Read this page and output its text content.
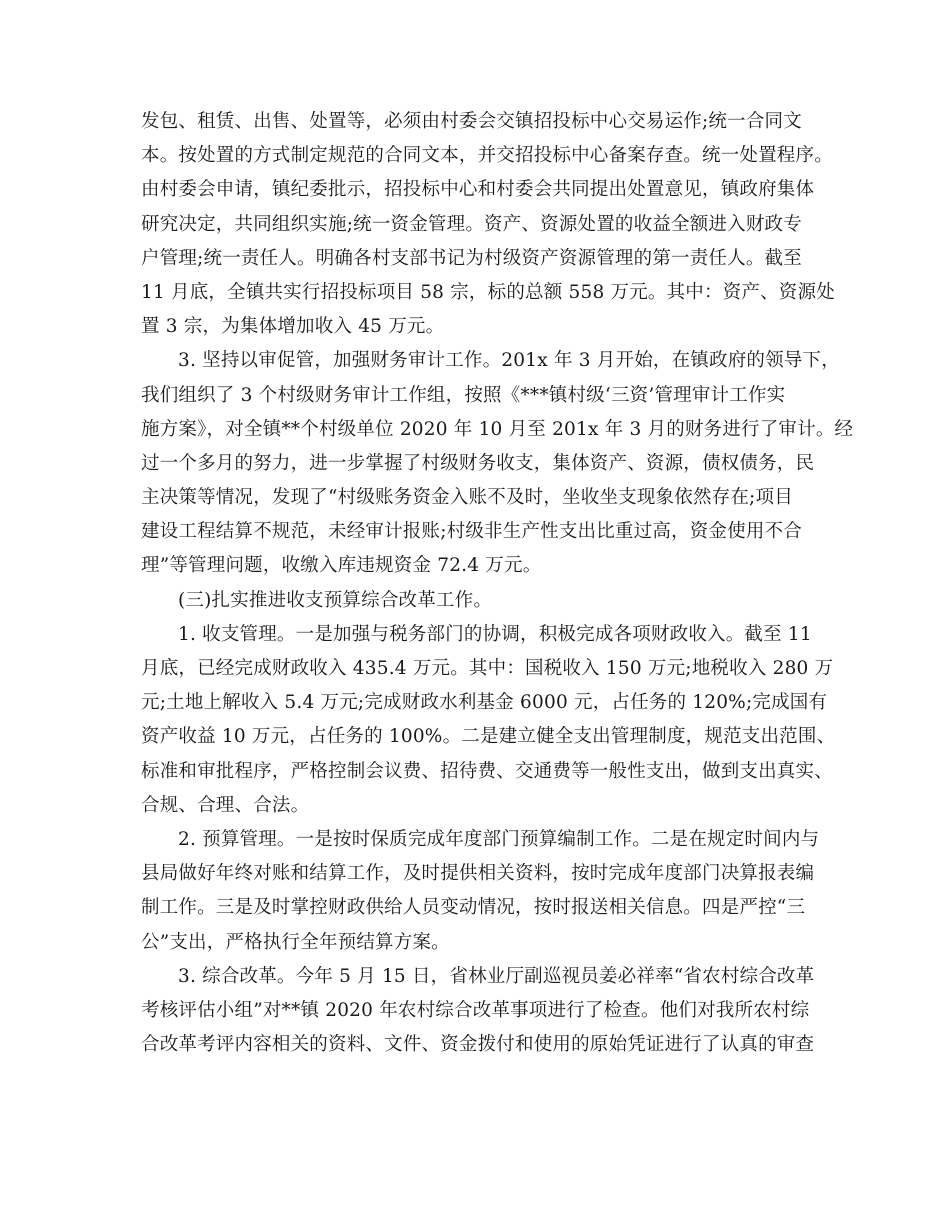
发包、租赁、出售、处置等，必须由村委会交镇招投标中心交易运作;统一合同文
本。按处置的方式制定规范的合同文本，并交招投标中心备案存查。统一处置程序。
由村委会申请，镇纪委批示，招投标中心和村委会共同提出处置意见，镇政府集体
研究决定，共同组织实施;统一资金管理。资产、资源处置的收益全额进入财政专
户管理;统一责任人。明确各村支部书记为村级资产资源管理的第一责任人。截至
11 月底，全镇共实行招投标项目 58 宗，标的总额 558 万元。其中：资产、资源处
置 3 宗，为集体增加收入 45 万元。
3. 坚持以审促管，加强财务审计工作。201x 年 3 月开始，在镇政府的领导下，
我们组织了 3 个村级财务审计工作组，按照《***镇村级‘三资’管理审计工作实
施方案》，对全镇**个村级单位 2020 年 10 月至 201x 年 3 月的财务进行了审计。经
过一个多月的努力，进一步掌握了村级财务收支，集体资产、资源，债权债务，民
主决策等情况，发现了“村级账务资金入账不及时，坐收坐支现象依然存在;项目
建设工程结算不规范，未经审计报账;村级非生产性支出比重过高，资金使用不合
理”等管理问题，收缴入库违规资金 72.4 万元。
(三)扎实推进收支预算综合改革工作。
1. 收支管理。一是加强与税务部门的协调，积极完成各项财政收入。截至 11
月底，已经完成财政收入 435.4 万元。其中：国税收入 150 万元;地税收入 280 万
元;土地上解收入 5.4 万元;完成财政水利基金 6000 元，占任务的 120%;完成国有
资产收益 10 万元，占任务的 100%。二是建立健全支出管理制度，规范支出范围、
标准和审批程序，严格控制会议费、招待费、交通费等一般性支出，做到支出真实、
合规、合理、合法。
2. 预算管理。一是按时保质完成年度部门预算编制工作。二是在规定时间内与
县局做好年终对账和结算工作，及时提供相关资料，按时完成年度部门决算报表编
制工作。三是及时掌控财政供给人员变动情况，按时报送相关信息。四是严控“三
公”支出，严格执行全年预结算方案。
3. 综合改革。今年 5 月 15 日，省林业厅副巡视员姜必祥率“省农村综合改革
考核评估小组”对**镇 2020 年农村综合改革事项进行了检查。他们对我所农村综
合改革考评内容相关的资料、文件、资金拨付和使用的原始凭证进行了认真的审查
